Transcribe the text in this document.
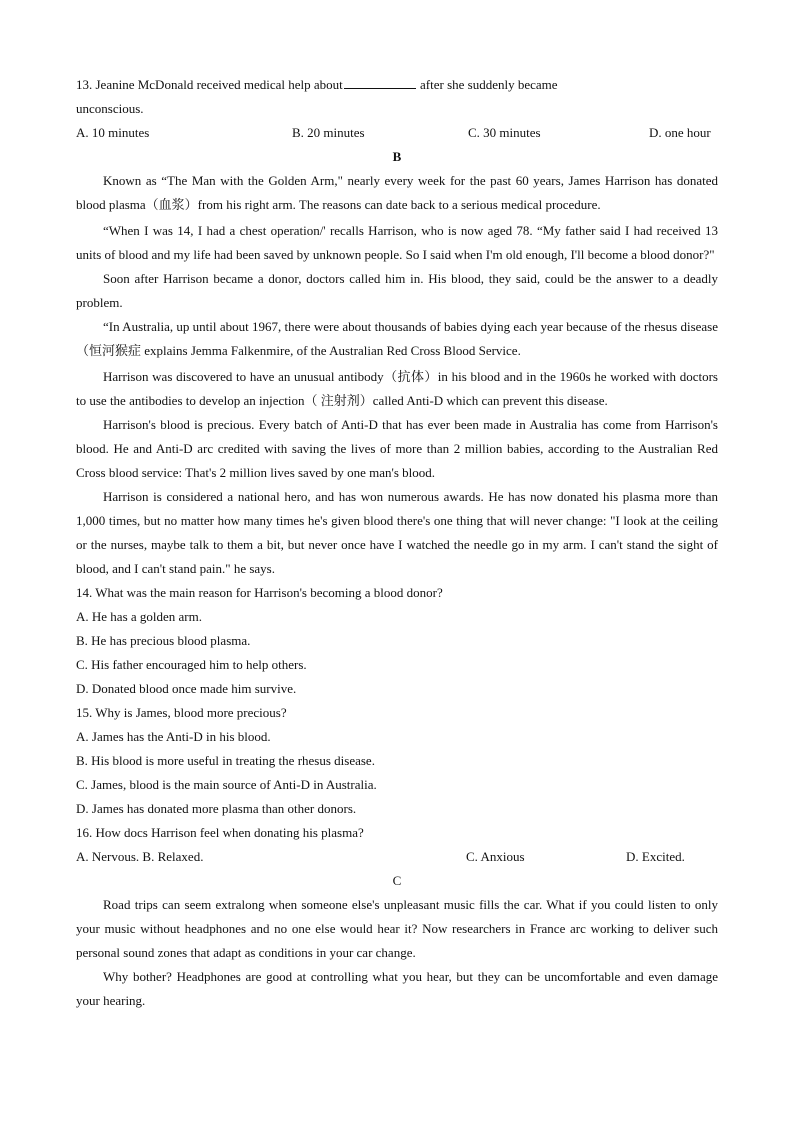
13. Jeanine McDonald received medical help about	after she suddenly became
unconscious.
A. 10 minutes	B. 20 minutes	C. 30 minutes	D. one hour
B

Known as “The Man with the Golden Arm," nearly every week for the past 60 years, James Harrison has donated blood plasma（血浆）from his right arm. The reasons can date back to a serious medical procedure.

“When I was 14, I had a chest operation/' recalls Harrison, who is now aged 78. “My father said I had received 13 units of blood and my life had been saved by unknown people. So I said when I'm old enough, I'll become a blood donor?"

Soon after Harrison became a donor, doctors called him in. His blood, they said, could be the answer to a deadly problem.

“In Australia, up until about 1967, there were about thousands of babies dying each year because of the rhesus disease（恒河猴症 explains Jemma Falkenmire, of the Australian Red Cross Blood Service.

Harrison was discovered to have an unusual antibody（抗体）in his blood and in the 1960s he worked with doctors to use the antibodies to develop an injection（ 注射剂）called Anti-D which can prevent this disease.

Harrison's blood is precious. Every batch of Anti-D that has ever been made in Australia has come from Harrison's blood. He and Anti-D arc credited with saving the lives of more than 2 million babies, according to the Australian Red Cross blood service: That's 2 million lives saved by one man's blood.

Harrison is considered a national hero, and has won numerous awards. He has now donated his plasma more than 1,000 times, but no matter how many times he's given blood there's one thing that will never change: "I look at the ceiling or the nurses, maybe talk to them a bit, but never once have I watched the needle go in my arm. I can't stand the sight of blood, and I can't stand pain." he says.

14. What was the main reason for Harrison's becoming a blood donor?
A. He has a golden arm.
B. He has precious blood plasma.
C. His father encouraged him to help others.
D. Donated blood once made him survive.
15. Why is James, blood more precious?
A. James has the Anti-D in his blood.
B. His blood is more useful in treating the rhesus disease.
C. James, blood is the main source of Anti-D in Australia.
D. James has donated more plasma than other donors.
16. How docs Harrison feel when donating his plasma?
A. Nervous. B. Relaxed.	C. Anxious	D. Excited.
C

Road trips can seem extralong when someone else's unpleasant music fills the car. What if you could listen to only your music without headphones and no one else would hear it? Now researchers in France arc working to deliver such personal sound zones that adapt as conditions in your car change.

Why bother? Headphones are good at controlling what you hear, but they can be uncomfortable and even damage your hearing.
